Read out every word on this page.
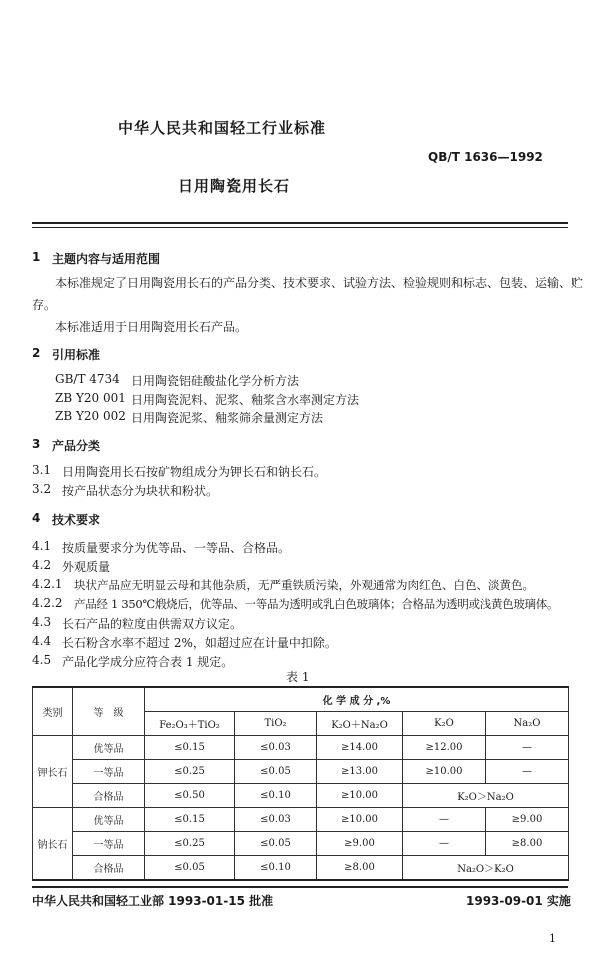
中华人民共和国轻工行业标准
QB/T 1636—1992
日用陶瓷用长石
1 主题内容与适用范围
本标准规定了日用陶瓷用长石的产品分类、技术要求、试验方法、检验规则和标志、包装、运输、贮
存。
本标准适用于日用陶瓷用长石产品。
2 引用标准
GB/T 4734 日用陶瓷铝硅酸盐化学分析方法
ZB Y20 001 日用陶瓷泥料、泥浆、釉浆含水率测定方法
ZB Y20 002 日用陶瓷泥浆、釉浆筛余量测定方法
3 产品分类
3.1 日用陶瓷用长石按矿物组成分为钾长石和钠长石。
3.2 按产品状态分为块状和粉状。
4 技术要求
4.1 按质量要求分为优等品、一等品、合格品。
4.2 外观质量
4.2.1 块状产品应无明显云母和其他杂质，无严重铁质污染，外观通常为肉红色、白色、淡黄色。
4.2.2 产品经 1 350℃煅烧后，优等品、一等品为透明或乳白色玻璃体；合格品为透明或浅黄色玻璃体。
4.3 长石产品的粒度由供需双方议定。
4.4 长石粉含水率不超过 2%，如超过应在计量中扣除。
4.5 产品化学成分应符合表 1 规定。
表 1
类别	等　级	化 学 成 分 ,%				
		Fe₂O₃＋TiO₂	TiO₂	K₂O＋Na₂O	K₂O	Na₂O
钾长石	优等品	≤0.15	≤0.03	≥14.00	≥12.00	—
	一等品	≤0.25	≤0.05	≥13.00	≥10.00	—
	合格品	≤0.50	≤0.10	≥10.00	K₂O＞Na₂O	
钠长石	优等品	≤0.15	≤0.03	≥10.00	—	≥9.00
	一等品	≤0.25	≤0.05	≥9.00	—	≥8.00
	合格品	≤0.05	≤0.10	≥8.00	Na₂O＞K₂O	
中华人民共和国轻工业部 1993-01-15 批准	1993-09-01 实施
1
